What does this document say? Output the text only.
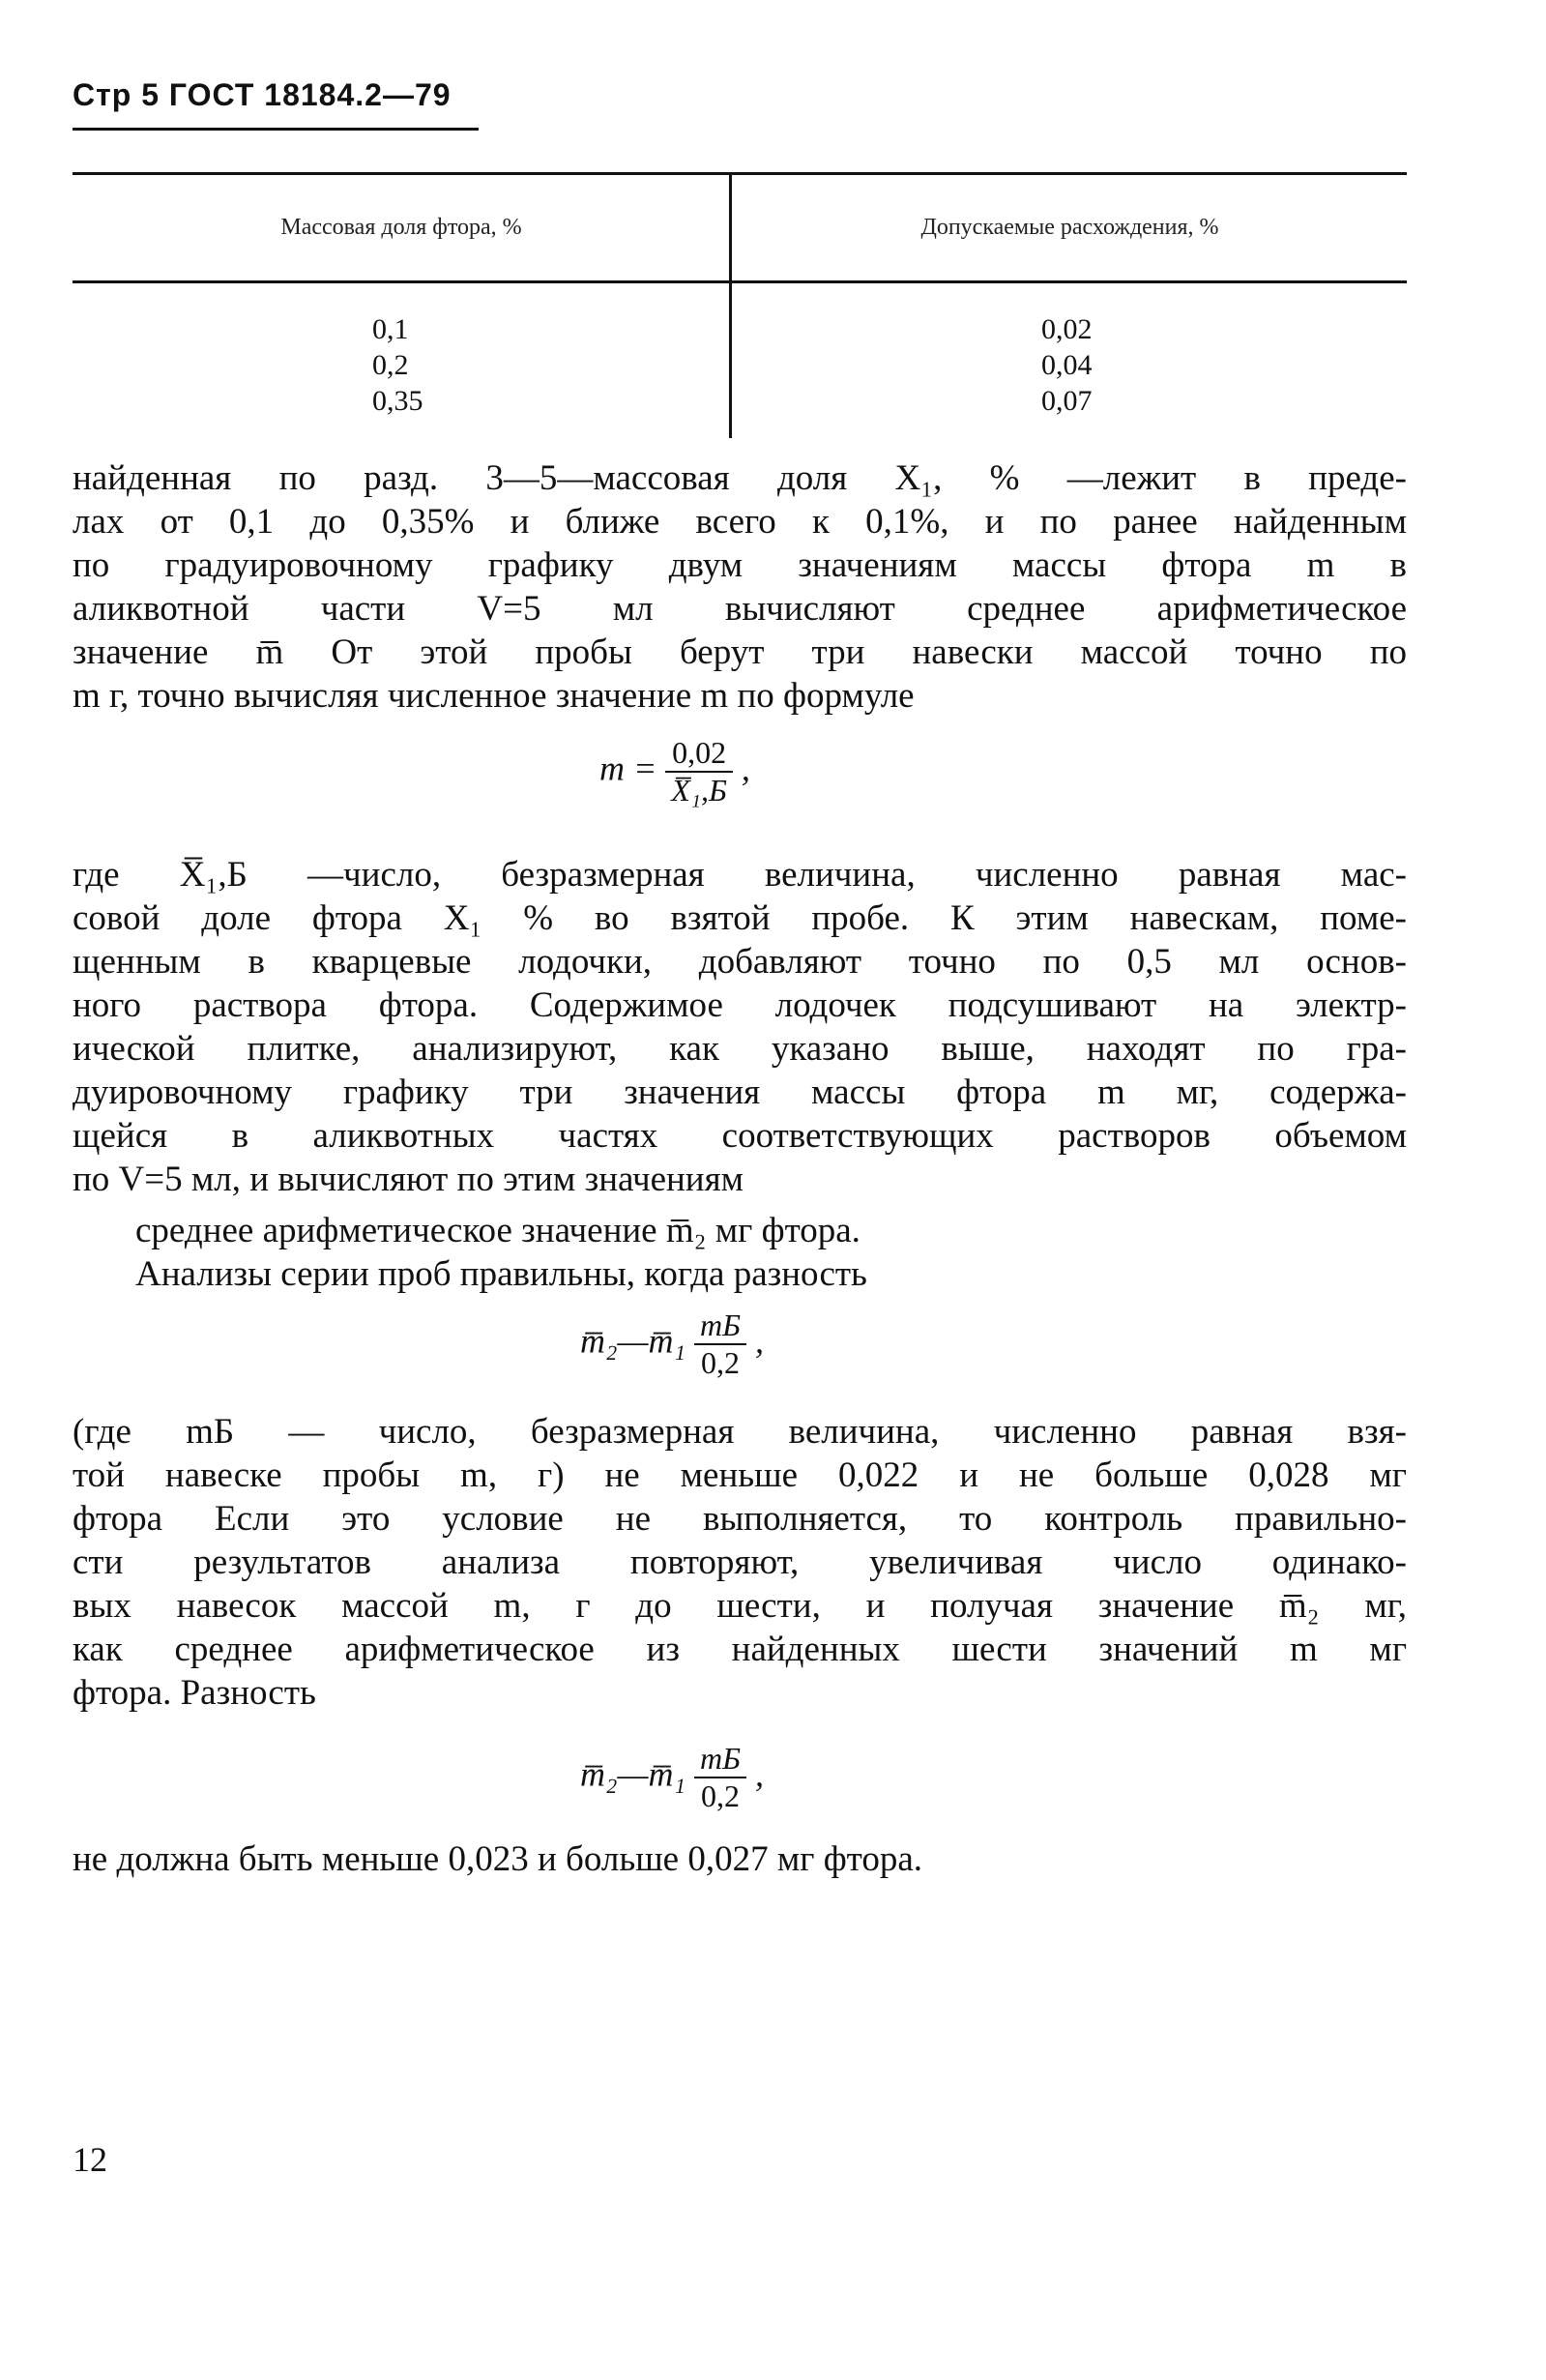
Стр 5 ГОСТ 18184.2—79
Массовая доля фтора, %	Допускаемые расхождения, %
0,1
0,2
0,35
0,02
0,04
0,07
найденная по разд. 3—5—массовая доля X₁, % —лежит в преде-
лах от 0,1 до 0,35% и ближе всего к 0,1%, и по ранее найденным
по градуировочному графику двум значениям массы фтора m в
аликвотной части V=5 мл вычисляют среднее арифметическое
значение m̅ От этой пробы берут три навески массой точно по
m г, точно вычисляя численное значение m по формуле
$m = \frac{0,02}{\text{X̅₁,Б}}$ ,
где X̅₁,Б —число, безразмерная величина, численно равная мас-
совой доле фтора X₁ % во взятой пробе. К этим навескам, поме-
щенным в кварцевые лодочки, добавляют точно по 0,5 мл основ-
ного раствора фтора. Содержимое лодочек подсушивают на электр-
ической плитке, анализируют, как указано выше, находят по гра-
дуировочному графику три значения массы фтора m мг, содержа-
щейся в аликвотных частях соответствующих растворов объемом
по V=5 мл, и вычисляют по этим значениям
среднее арифметическое значение m̅₂ мг фтора.
Анализы серии проб правильны, когда разность
m̅₂—m̅₁ $\frac{mБ}{0,2}$ ,
(где mБ — число, безразмерная величина, численно равная взя-
той навеске пробы m, г) не меньше 0,022 и не больше 0,028 мг
фтора Если это условие не выполняется, то контроль правильно-
сти результатов анализа повторяют, увеличивая число одинако-
вых навесок массой m, г до шести, и получая значение m̅₂ мг,
как среднее арифметическое из найденных шести значений m мг
фтора. Разность
m̅₂—m̅₁ $\frac{mБ}{0,2}$ ,
не должна быть меньше 0,023 и больше 0,027 мг фтора.
12
